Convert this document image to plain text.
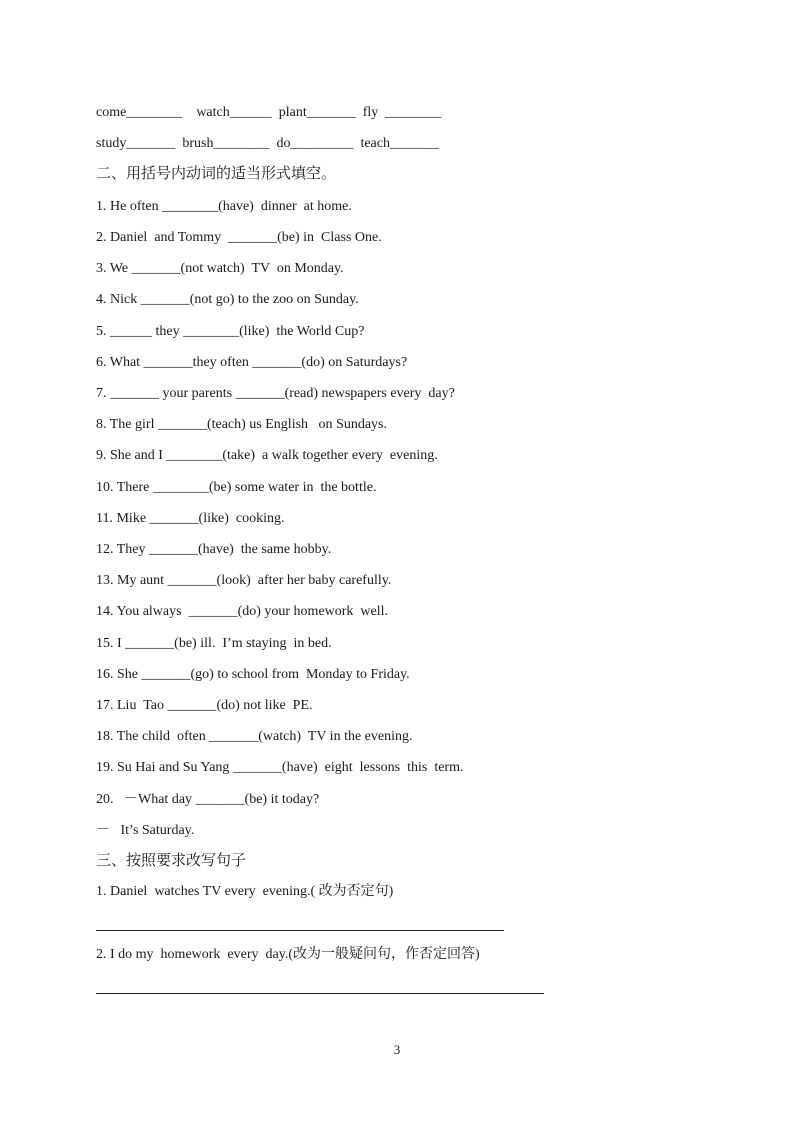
come________    watch______  plant_______  fly  ________
study_______  brush________  do_________  teach_______
二、用括号内动词的适当形式填空。
1. He often ________(have)  dinner  at home.
2. Daniel  and Tommy  _______(be) in  Class One.
3. We _______(not watch)  TV  on Monday.
4. Nick _______(not go) to the zoo on Sunday.
5. ______ they ________(like)  the World Cup?
6. What _______they often _______(do) on Saturdays?
7. _______ your parents _______(read) newspapers every  day?
8. The girl _______(teach) us English   on Sundays.
9. She and I ________(take)  a walk together every  evening.
10. There ________(be) some water in  the bottle.
11. Mike _______(like)  cooking.
12. They _______(have)  the same hobby.
13. My aunt _______(look)  after her baby carefully.
14. You always  _______(do) your homework  well.
15. I _______(be) ill.  I’m staying  in bed.
16. She _______(go) to school from  Monday to Friday.
17. Liu  Tao _______(do) not like  PE.
18. The child  often _______(watch)  TV in the evening.
19. Su Hai and Su Yang _______(have)  eight  lessons  this  term.
20.   －What day _______(be) it today?
－   It’s Saturday.
三、按照要求改写句子
1. Daniel  watches TV every  evening.( 改为否定句)
2. I do my  homework  every  day.(改为一般疑问句，作否定回答)
3
